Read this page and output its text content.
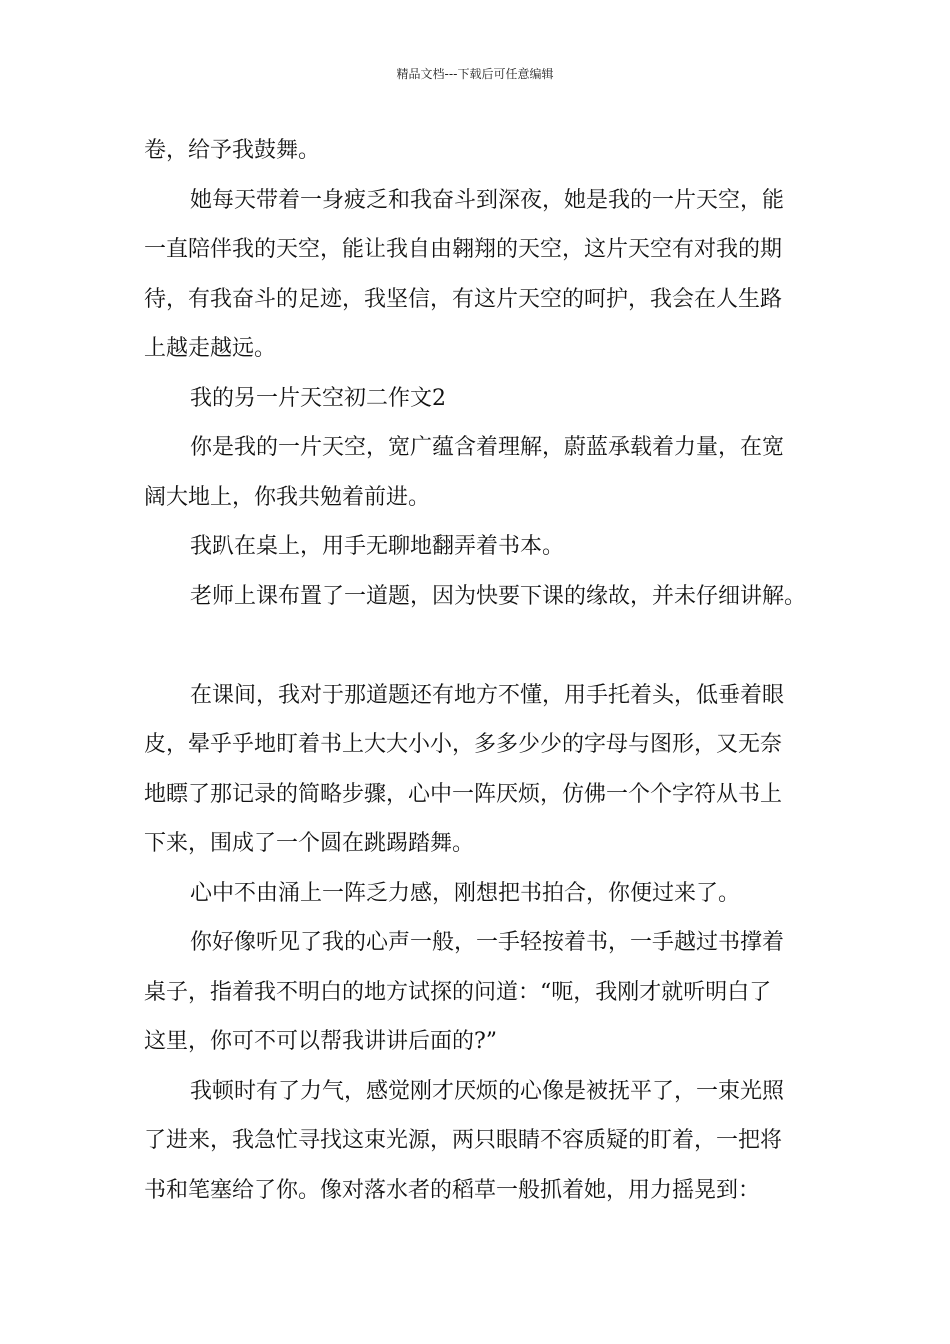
精品文档---下载后可任意编辑

卷，给予我鼓舞。

她每天带着一身疲乏和我奋斗到深夜，她是我的一片天空，能
一直陪伴我的天空，能让我自由翱翔的天空，这片天空有对我的期
待，有我奋斗的足迹，我坚信，有这片天空的呵护，我会在人生路
上越走越远。

我的另一片天空初二作文2

你是我的一片天空，宽广蕴含着理解，蔚蓝承载着力量，在宽
阔大地上，你我共勉着前进。

我趴在桌上，用手无聊地翻弄着书本。

老师上课布置了一道题，因为快要下课的缘故，并未仔细讲解。

在课间，我对于那道题还有地方不懂，用手托着头，低垂着眼
皮，晕乎乎地盯着书上大大小小，多多少少的字母与图形，又无奈
地瞟了那记录的简略步骤，心中一阵厌烦，仿佛一个个字符从书上
下来，围成了一个圆在跳踢踏舞。

心中不由涌上一阵乏力感，刚想把书拍合，你便过来了。

你好像听见了我的心声一般，一手轻按着书，一手越过书撑着
桌子，指着我不明白的地方试探的问道：“呃，我刚才就听明白了
这里，你可不可以帮我讲讲后面的?”

我顿时有了力气，感觉刚才厌烦的心像是被抚平了，一束光照
了进来，我急忙寻找这束光源，两只眼睛不容质疑的盯着，一把将
书和笔塞给了你。像对落水者的稻草一般抓着她，用力摇晃到：
